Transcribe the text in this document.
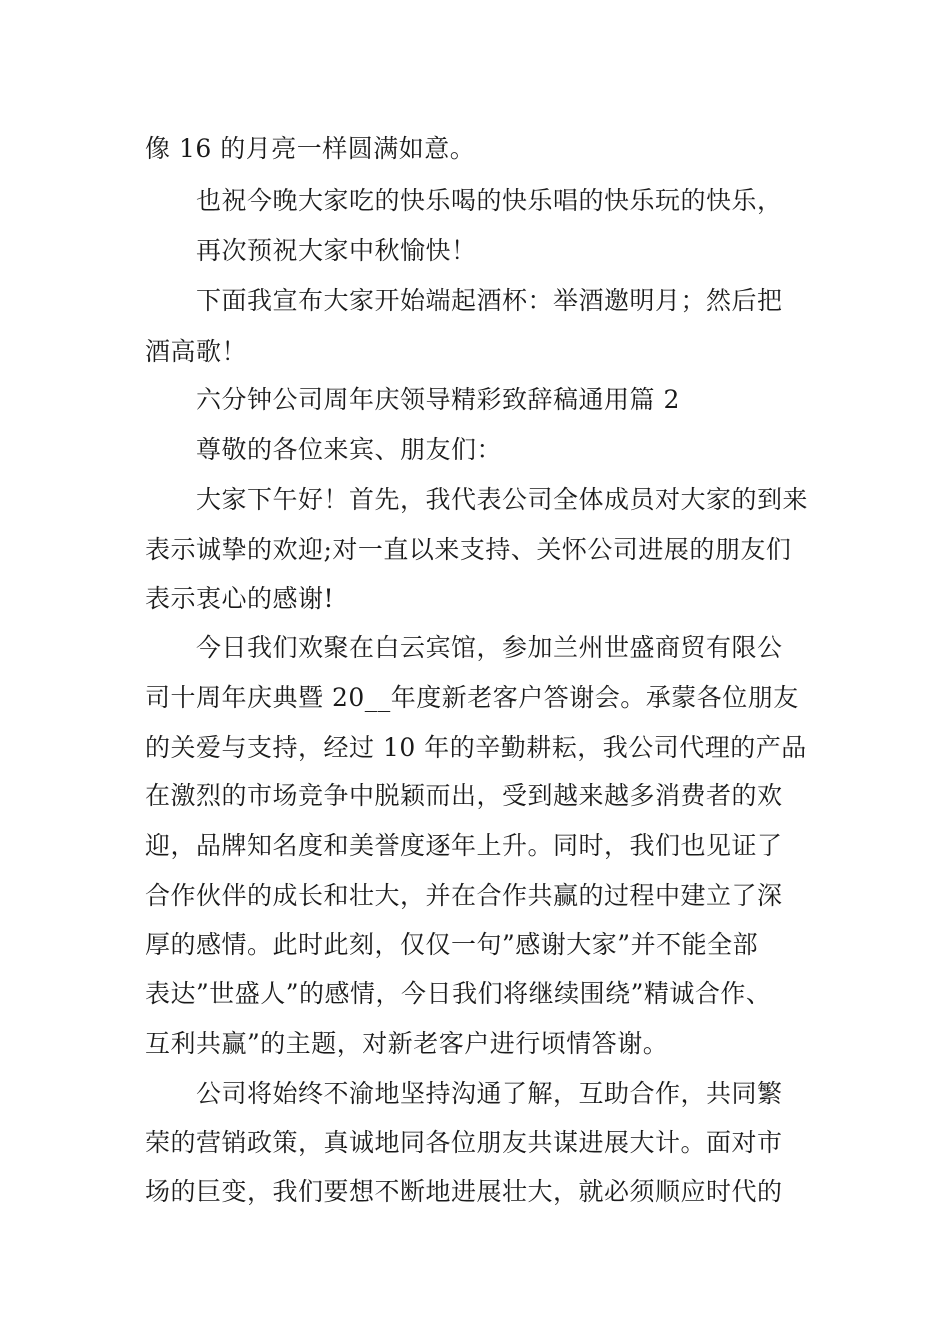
像 16 的月亮一样圆满如意。
也祝今晚大家吃的快乐喝的快乐唱的快乐玩的快乐，
再次预祝大家中秋愉快！
下面我宣布大家开始端起酒杯：举酒邀明月；然后把
酒高歌！
六分钟公司周年庆领导精彩致辞稿通用篇 2
尊敬的各位来宾、朋友们：
大家下午好！首先，我代表公司全体成员对大家的到来
表示诚挚的欢迎;对一直以来支持、关怀公司进展的朋友们
表示衷心的感谢!
今日我们欢聚在白云宾馆，参加兰州世盛商贸有限公
司十周年庆典暨 20__年度新老客户答谢会。承蒙各位朋友
的关爱与支持，经过 10 年的辛勤耕耘，我公司代理的产品
在激烈的市场竞争中脱颖而出，受到越来越多消费者的欢
迎，品牌知名度和美誉度逐年上升。同时，我们也见证了
合作伙伴的成长和壮大，并在合作共赢的过程中建立了深
厚的感情。此时此刻，仅仅一句”感谢大家”并不能全部
表达”世盛人”的感情，今日我们将继续围绕”精诚合作、
互利共赢”的主题，对新老客户进行顷情答谢。
公司将始终不渝地坚持沟通了解，互助合作，共同繁
荣的营销政策，真诚地同各位朋友共谋进展大计。面对市
场的巨变，我们要想不断地进展壮大，就必须顺应时代的
